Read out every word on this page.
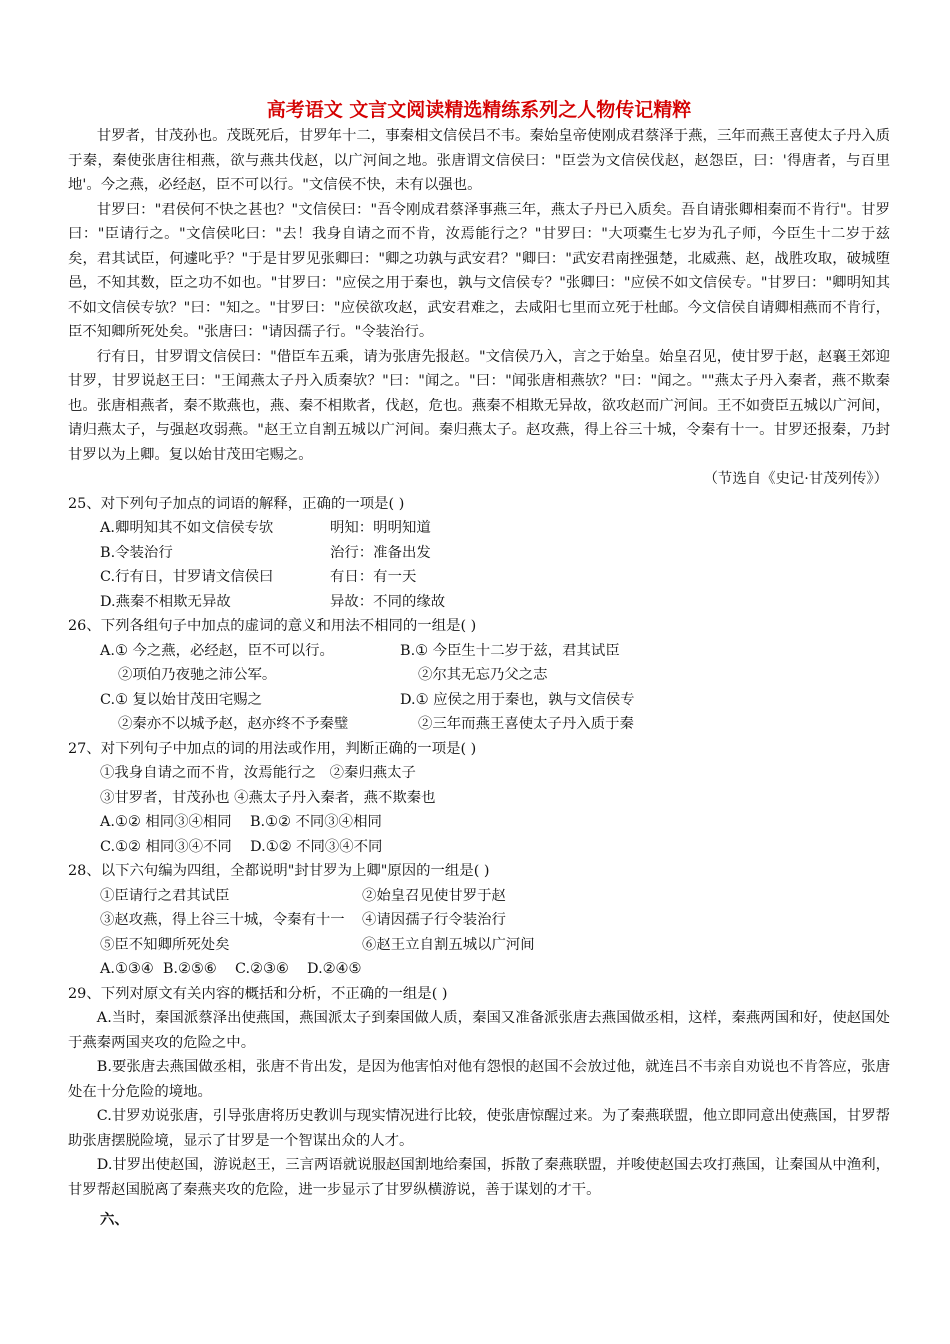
高考语文 文言文阅读精选精练系列之人物传记精粹

甘罗者，甘茂孙也。茂既死后，甘罗年十二，事秦相文信侯吕不韦。秦始皇帝使刚成君蔡泽于燕，三年而燕王喜使太子丹入质于秦，秦使张唐往相燕，欲与燕共伐赵，以广河间之地。张唐谓文信侯曰："臣尝为文信侯伐赵，赵怨臣，曰：'得唐者，与百里地'。今之燕，必经赵，臣不可以行。"文信侯不快，未有以强也。

甘罗曰："君侯何不快之甚也？"文信侯曰："吾令刚成君蔡泽事燕三年，燕太子丹已入质矣。吾自请张卿相秦而不肯行"。甘罗曰："臣请行之。"文信侯叱曰："去！我身自请之而不肯，汝焉能行之？"甘罗曰："大项橐生七岁为孔子师，今臣生十二岁于兹矣，君其试臣，何遽叱乎？"于是甘罗见张卿曰："卿之功孰与武安君？"卿曰："武安君南挫强楚，北威燕、赵，战胜攻取，破城堕邑，不知其数，臣之功不如也。"甘罗曰："应侯之用于秦也，孰与文信侯专？"张卿曰："应侯不如文信侯专。"甘罗曰："卿明知其不如文信侯专欤？"曰："知之。"甘罗曰："应侯欲攻赵，武安君难之，去咸阳七里而立死于杜邮。今文信侯自请卿相燕而不肯行，臣不知卿所死处矣。"张唐曰："请因孺子行。"令装治行。

行有日，甘罗谓文信侯曰："借臣车五乘，请为张唐先报赵。"文信侯乃入，言之于始皇。始皇召见，使甘罗于赵，赵襄王郊迎甘罗，甘罗说赵王曰："王闻燕太子丹入质秦欤？"曰："闻之。"曰："闻张唐相燕欤？"曰："闻之。""燕太子丹入秦者，燕不欺秦也。张唐相燕者，秦不欺燕也，燕、秦不相欺者，伐赵，危也。燕秦不相欺无异故，欲攻赵而广河间。王不如赍臣五城以广河间，请归燕太子，与强赵攻弱燕。"赵王立自割五城以广河间。秦归燕太子。赵攻燕，得上谷三十城，令秦有十一。甘罗还报秦，乃封甘罗以为上卿。复以始甘茂田宅赐之。

（节选自《史记·甘茂列传》）

25、对下列句子加点的词语的解释，正确的一项是( )

A.卿明知其不如文信侯专欤	明知：明明知道
B.令装治行	治行：准备出发
C.行有日，甘罗请文信侯曰	有日：有一天
D.燕秦不相欺无异故	异故：不同的缘故

26、下列各组句子中加点的虚词的意义和用法不相同的一组是( )

A.① 今之燕，必经赵，臣不可以行。	B.① 今臣生十二岁于兹，君其试臣
②项伯乃夜驰之沛公军。	②尔其无忘乃父之志
C.① 复以始甘茂田宅赐之	D.① 应侯之用于秦也，孰与文信侯专
②秦亦不以城予赵，赵亦终不予秦璧	②三年而燕王喜使太子丹入质于秦

27、对下列句子中加点的词的用法或作用，判断正确的一项是( )

①我身自请之而不肯，汝焉能行之   ②秦归燕太子

③甘罗者，甘茂孙也 ④燕太子丹入秦者，燕不欺秦也

A.①② 相同③④相同    B.①② 不同③④相同

C.①② 相同③④不同    D.①② 不同③④不同

28、以下六句编为四组，全都说明"封甘罗为上卿"原因的一组是( )

①臣请行之君其试臣	②始皇召见使甘罗于赵
③赵攻燕，得上谷三十城，令秦有十一	④请因孺子行令装治行
⑤臣不知卿所死处矣	⑥赵王立自割五城以广河间

A.①③④  B.②⑤⑥    C.②③⑥    D.②④⑤

29、下列对原文有关内容的概括和分析，不正确的一组是( )

A.当时，秦国派蔡泽出使燕国，燕国派太子到秦国做人质，秦国又准备派张唐去燕国做丞相，这样，秦燕两国和好，使赵国处于燕秦两国夹攻的危险之中。

B.要张唐去燕国做丞相，张唐不肯出发，是因为他害怕对他有怨恨的赵国不会放过他，就连吕不韦亲自劝说也不肯答应，张唐处在十分危险的境地。

C.甘罗劝说张唐，引导张唐将历史教训与现实情况进行比较，使张唐惊醒过来。为了秦燕联盟，他立即同意出使燕国，甘罗帮助张唐摆脱险境，显示了甘罗是一个智谋出众的人才。

D.甘罗出使赵国，游说赵王，三言两语就说服赵国割地给秦国，拆散了秦燕联盟，并唆使赵国去攻打燕国，让秦国从中渔利，甘罗帮赵国脱离了秦燕夹攻的危险，进一步显示了甘罗纵横游说，善于谋划的才干。

六、
